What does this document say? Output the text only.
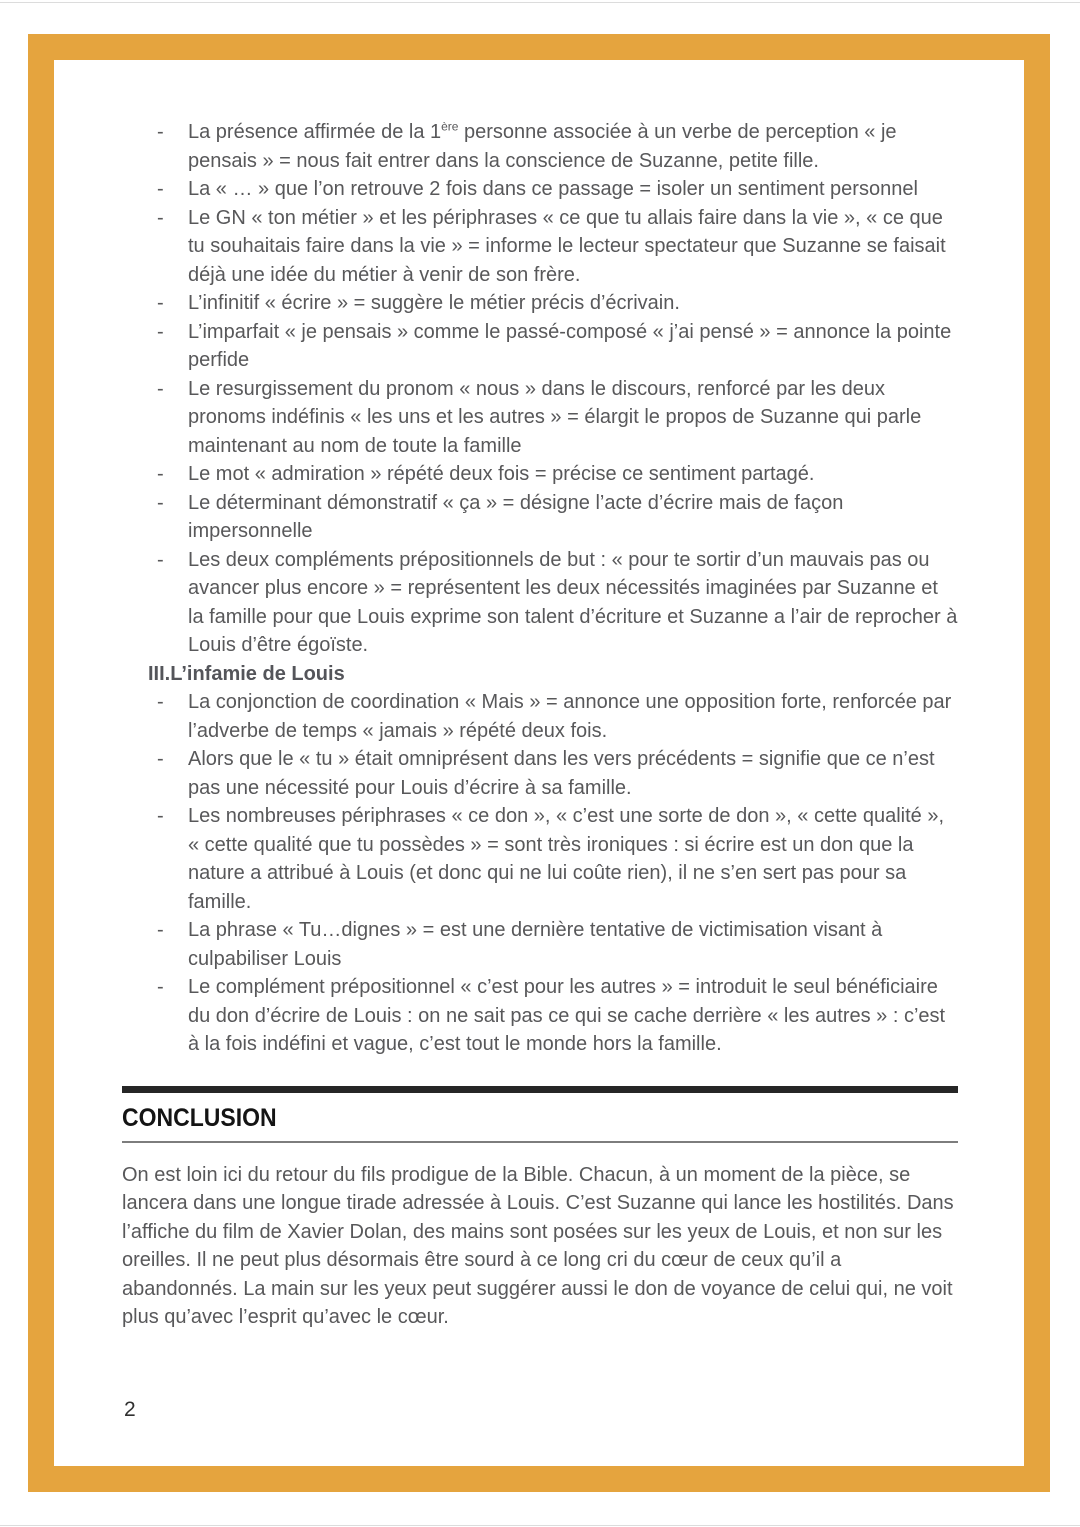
-	La présence affirmée de la 1ère personne associée à un verbe de perception « je pensais » = nous fait entrer dans la conscience de Suzanne, petite fille.
-	La « … » que l’on retrouve 2 fois dans ce passage = isoler un sentiment personnel
-	Le GN « ton métier » et les périphrases « ce que tu allais faire dans la vie », « ce que tu souhaitais faire dans la vie » = informe le lecteur spectateur que Suzanne se faisait déjà une idée du métier à venir de son frère.
-	L’infinitif « écrire » = suggère le métier précis d’écrivain.
-	L’imparfait « je pensais » comme le passé-composé « j’ai pensé » = annonce la pointe perfide
-	Le resurgissement du pronom « nous » dans le discours, renforcé par les deux pronoms indéfinis « les uns et les autres » = élargit le propos de Suzanne qui parle maintenant au nom de toute la famille
-	Le mot « admiration » répété deux fois = précise ce sentiment partagé.
-	Le déterminant démonstratif « ça » = désigne l’acte d’écrire mais de façon impersonnelle
-	Les deux compléments prépositionnels de but : « pour te sortir d’un mauvais pas ou avancer plus encore » = représentent les deux nécessités imaginées par Suzanne et la famille pour que Louis exprime son talent d’écriture et Suzanne a l’air de reprocher à Louis d’être égoïste.
III.L’infamie de Louis
-	La conjonction de coordination « Mais » = annonce une opposition forte, renforcée par l’adverbe de temps « jamais » répété deux fois.
-	Alors que le « tu » était omniprésent dans les vers précédents = signifie que ce n’est pas une nécessité pour Louis d’écrire à sa famille.
-	Les nombreuses périphrases « ce don », « c’est une sorte de don », « cette qualité », « cette qualité que tu possèdes » = sont très ironiques : si écrire est un don que la nature a attribué à Louis (et donc qui ne lui coûte rien), il ne s’en sert pas pour sa famille.
-	La phrase « Tu…dignes » = est une dernière tentative de victimisation visant à culpabiliser Louis
-	Le complément prépositionnel « c’est pour les autres » = introduit le seul bénéficiaire du don d’écrire de Louis : on ne sait pas ce qui se cache derrière « les autres » : c’est à la fois indéfini et vague, c’est tout le monde hors la famille.
CONCLUSION
On est loin ici du retour du fils prodigue de la Bible. Chacun, à un moment de la pièce, se lancera dans une longue tirade adressée à Louis. C’est Suzanne qui lance les hostilités. Dans l’affiche du film de Xavier Dolan, des mains sont posées sur les yeux de Louis, et non sur les oreilles. Il ne peut plus désormais être sourd à ce long cri du cœur de ceux qu’il a abandonnés. La main sur les yeux peut suggérer aussi le don de voyance de celui qui, ne voit plus qu’avec l’esprit qu’avec le cœur.
2
